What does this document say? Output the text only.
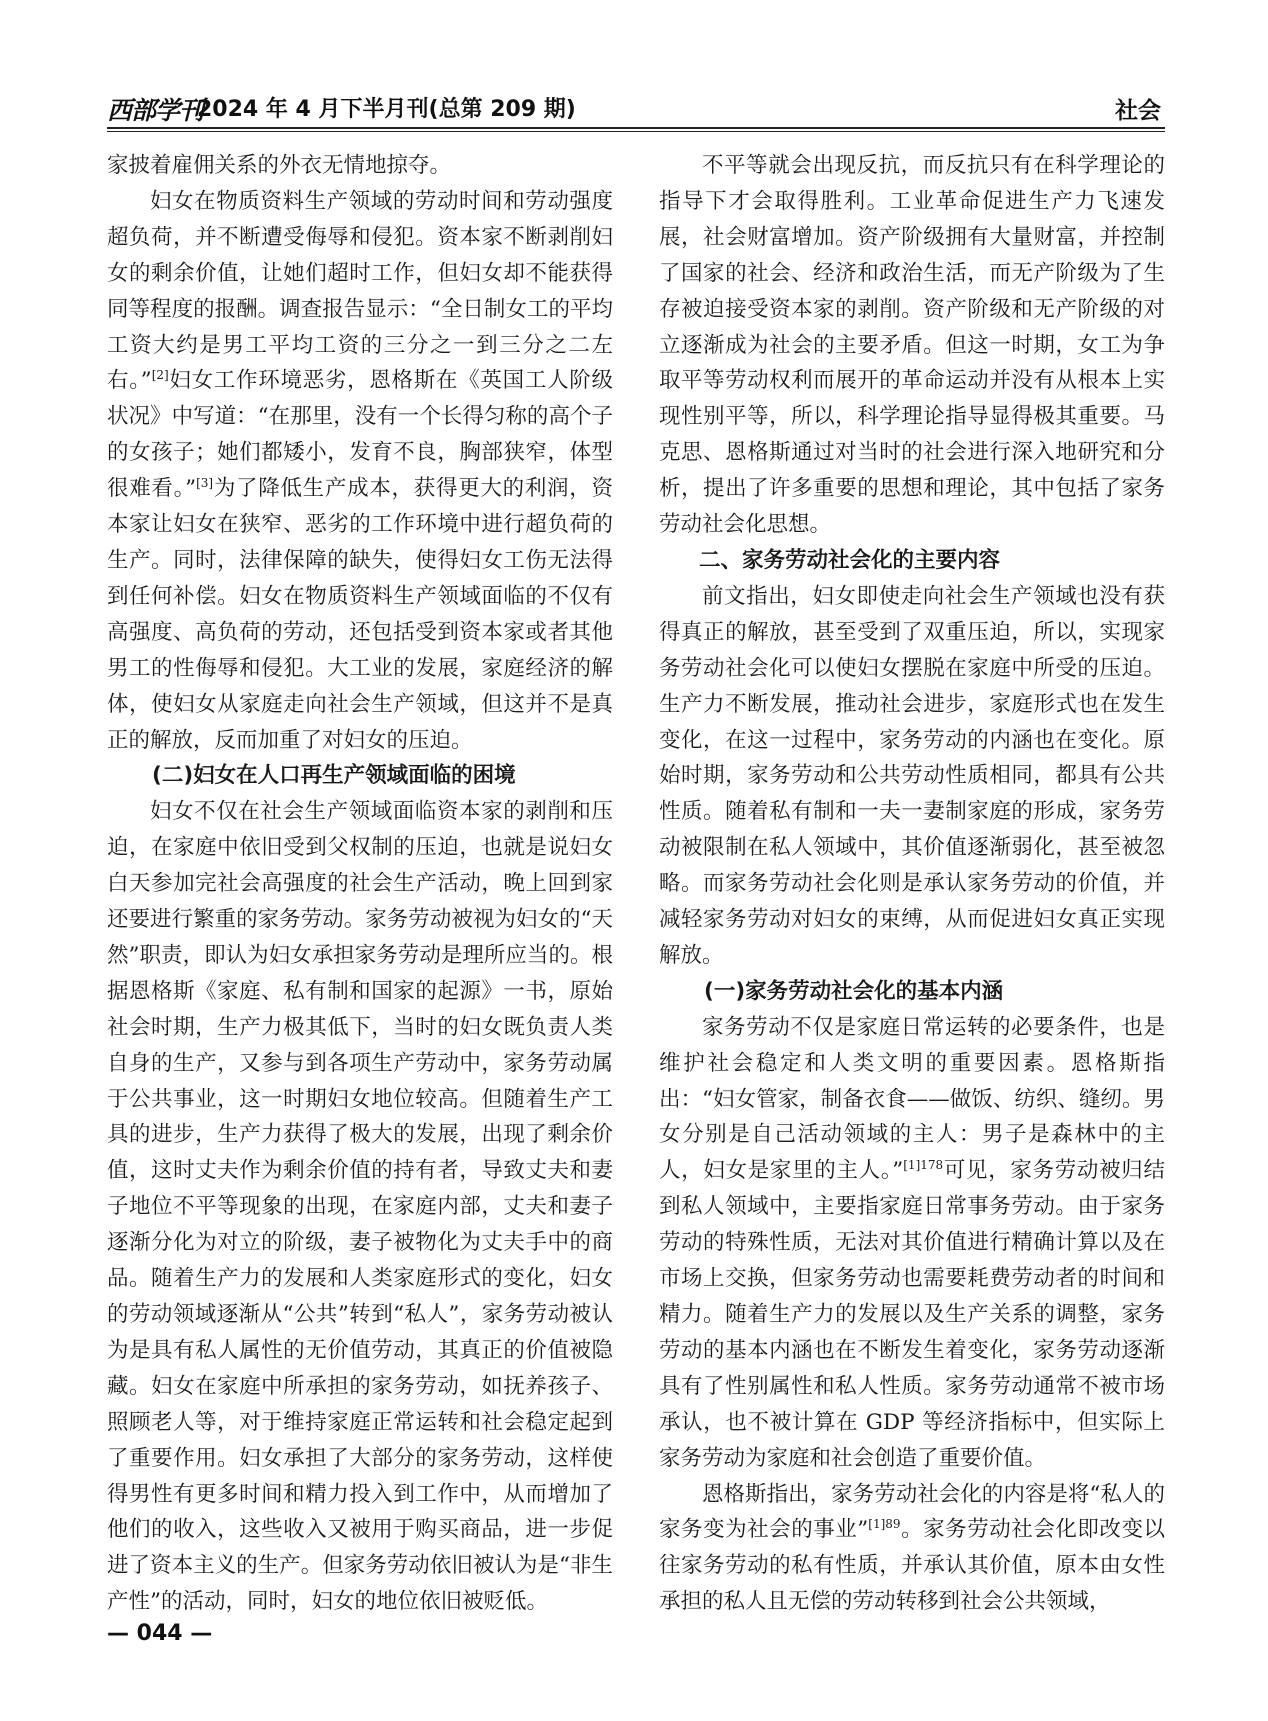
西部学刊
2024 年 4 月下半月刊(总第 209 期)	社会

家披着雇佣关系的外衣无情地掠夺。

妇女在物质资料生产领域的劳动时间和劳动强度超负荷，并不断遭受侮辱和侵犯。资本家不断剥削妇女的剩余价值，让她们超时工作，但妇女却不能获得同等程度的报酬。调查报告显示：“全日制女工的平均工资大约是男工平均工资的三分之一到三分之二左右。”[2]妇女工作环境恶劣，恩格斯在《英国工人阶级状况》中写道：“在那里，没有一个长得匀称的高个子的女孩子；她们都矮小，发育不良，胸部狭窄，体型很难看。”[3]为了降低生产成本，获得更大的利润，资本家让妇女在狭窄、恶劣的工作环境中进行超负荷的生产。同时，法律保障的缺失，使得妇女工伤无法得到任何补偿。妇女在物质资料生产领域面临的不仅有高强度、高负荷的劳动，还包括受到资本家或者其他男工的性侮辱和侵犯。大工业的发展，家庭经济的解体，使妇女从家庭走向社会生产领域，但这并不是真正的解放，反而加重了对妇女的压迫。

(二)妇女在人口再生产领域面临的困境

妇女不仅在社会生产领域面临资本家的剥削和压迫，在家庭中依旧受到父权制的压迫，也就是说妇女白天参加完社会高强度的社会生产活动，晚上回到家还要进行繁重的家务劳动。家务劳动被视为妇女的“天然”职责，即认为妇女承担家务劳动是理所应当的。根据恩格斯《家庭、私有制和国家的起源》一书，原始社会时期，生产力极其低下，当时的妇女既负责人类自身的生产，又参与到各项生产劳动中，家务劳动属于公共事业，这一时期妇女地位较高。但随着生产工具的进步，生产力获得了极大的发展，出现了剩余价值，这时丈夫作为剩余价值的持有者，导致丈夫和妻子地位不平等现象的出现，在家庭内部，丈夫和妻子逐渐分化为对立的阶级，妻子被物化为丈夫手中的商品。随着生产力的发展和人类家庭形式的变化，妇女的劳动领域逐渐从“公共”转到“私人”，家务劳动被认为是具有私人属性的无价值劳动，其真正的价值被隐藏。妇女在家庭中所承担的家务劳动，如抚养孩子、照顾老人等，对于维持家庭正常运转和社会稳定起到了重要作用。妇女承担了大部分的家务劳动，这样使得男性有更多时间和精力投入到工作中，从而增加了他们的收入，这些收入又被用于购买商品，进一步促进了资本主义的生产。但家务劳动依旧被认为是“非生产性”的活动，同时，妇女的地位依旧被贬低。

不平等就会出现反抗，而反抗只有在科学理论的指导下才会取得胜利。工业革命促进生产力飞速发展，社会财富增加。资产阶级拥有大量财富，并控制了国家的社会、经济和政治生活，而无产阶级为了生存被迫接受资本家的剥削。资产阶级和无产阶级的对立逐渐成为社会的主要矛盾。但这一时期，女工为争取平等劳动权利而展开的革命运动并没有从根本上实现性别平等，所以，科学理论指导显得极其重要。马克思、恩格斯通过对当时的社会进行深入地研究和分析，提出了许多重要的思想和理论，其中包括了家务劳动社会化思想。

二、家务劳动社会化的主要内容

前文指出，妇女即使走向社会生产领域也没有获得真正的解放，甚至受到了双重压迫，所以，实现家务劳动社会化可以使妇女摆脱在家庭中所受的压迫。生产力不断发展，推动社会进步，家庭形式也在发生变化，在这一过程中，家务劳动的内涵也在变化。原始时期，家务劳动和公共劳动性质相同，都具有公共性质。随着私有制和一夫一妻制家庭的形成，家务劳动被限制在私人领域中，其价值逐渐弱化，甚至被忽略。而家务劳动社会化则是承认家务劳动的价值，并减轻家务劳动对妇女的束缚，从而促进妇女真正实现解放。

(一)家务劳动社会化的基本内涵

家务劳动不仅是家庭日常运转的必要条件，也是维护社会稳定和人类文明的重要因素。恩格斯指出：“妇女管家，制备衣食——做饭、纺织、缝纫。男女分别是自己活动领域的主人：男子是森林中的主人，妇女是家里的主人。”$^{[1]178}$可见，家务劳动被归结到私人领域中，主要指家庭日常事务劳动。由于家务劳动的特殊性质，无法对其价值进行精确计算以及在市场上交换，但家务劳动也需要耗费劳动者的时间和精力。随着生产力的发展以及生产关系的调整，家务劳动的基本内涵也在不断发生着变化，家务劳动逐渐具有了性别属性和私人性质。家务劳动通常不被市场承认，也不被计算在 GDP 等经济指标中，但实际上家务劳动为家庭和社会创造了重要价值。

恩格斯指出，家务劳动社会化的内容是将“私人的家务变为社会的事业”$^{[1]89}$。家务劳动社会化即改变以往家务劳动的私有性质，并承认其价值，原本由女性承担的私人且无偿的劳动转移到社会公共领域，

— 044 —
